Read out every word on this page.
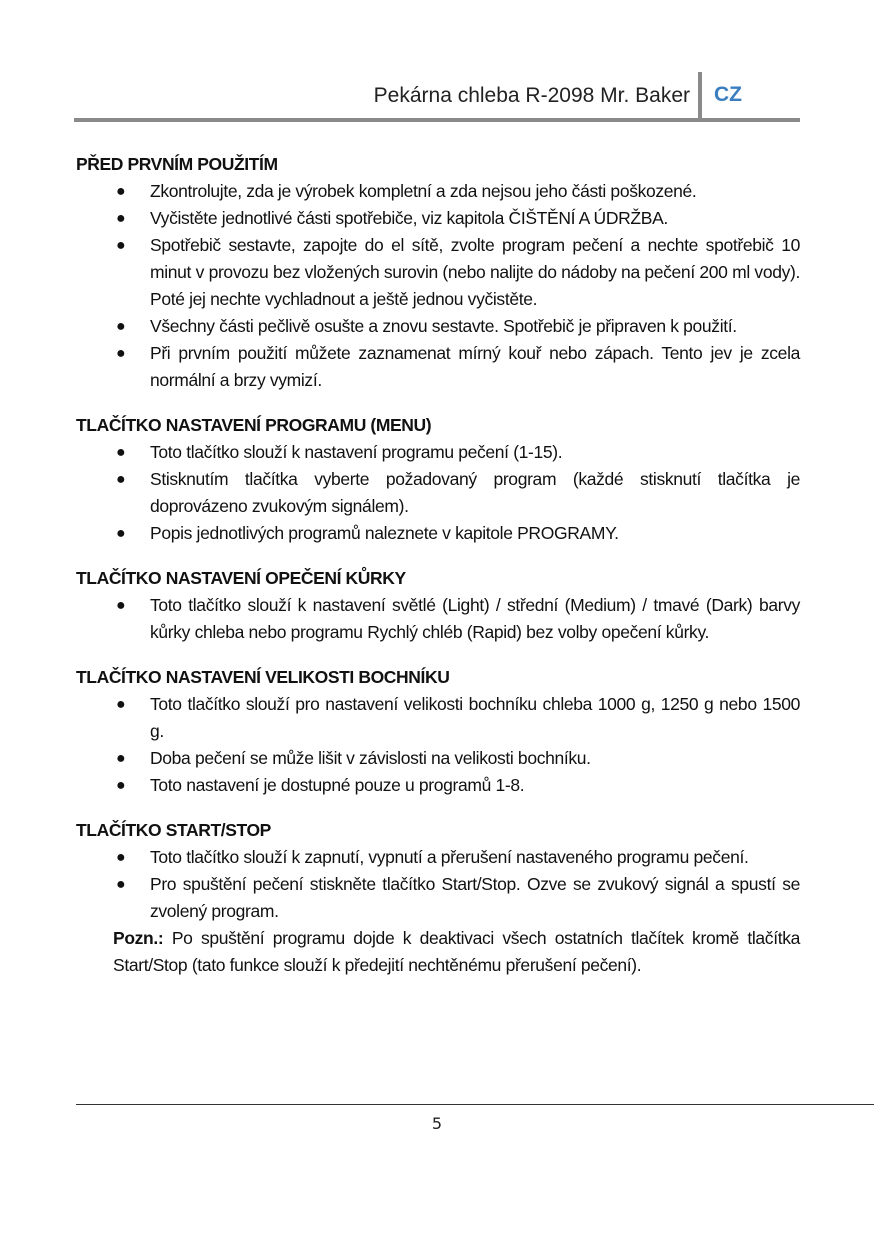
Pekárna chleba R-2098 Mr. Baker CZ
PŘED PRVNÍM POUŽITÍM
● Zkontrolujte, zda je výrobek kompletní a zda nejsou jeho části poškozené.
● Vyčistěte jednotlivé části spotřebiče, viz kapitola ČIŠTĚNÍ A ÚDRŽBA.
● Spotřebič sestavte, zapojte do el sítě, zvolte program pečení a nechte spotřebič 10 minut v provozu bez vložených surovin (nebo nalijte do nádoby na pečení 200 ml vody). Poté jej nechte vychladnout a ještě jednou vyčistěte.
● Všechny části pečlivě osušte a znovu sestavte. Spotřebič je připraven k použití.
● Při prvním použití můžete zaznamenat mírný kouř nebo zápach. Tento jev je zcela normální a brzy vymizí.
TLAČÍTKO NASTAVENÍ PROGRAMU (MENU)
● Toto tlačítko slouží k nastavení programu pečení (1-15).
● Stisknutím tlačítka vyberte požadovaný program (každé stisknutí tlačítka je doprovázeno zvukovým signálem).
● Popis jednotlivých programů naleznete v kapitole PROGRAMY.
TLAČÍTKO NASTAVENÍ OPEČENÍ KŮRKY
● Toto tlačítko slouží k nastavení světlé (Light) / střední (Medium) / tmavé (Dark) barvy kůrky chleba nebo programu Rychlý chléb (Rapid) bez volby opečení kůrky.
TLAČÍTKO NASTAVENÍ VELIKOSTI BOCHNÍKU
● Toto tlačítko slouží pro nastavení velikosti bochníku chleba 1000 g, 1250 g nebo 1500 g.
● Doba pečení se může lišit v závislosti na velikosti bochníku.
● Toto nastavení je dostupné pouze u programů 1-8.
TLAČÍTKO START/STOP
● Toto tlačítko slouží k zapnutí, vypnutí a přerušení nastaveného programu pečení.
● Pro spuštění pečení stiskněte tlačítko Start/Stop. Ozve se zvukový signál a spustí se zvolený program.
Pozn.: Po spuštění programu dojde k deaktivaci všech ostatních tlačítek kromě tlačítka Start/Stop (tato funkce slouží k předejití nechtěnému přerušení pečení).
5
